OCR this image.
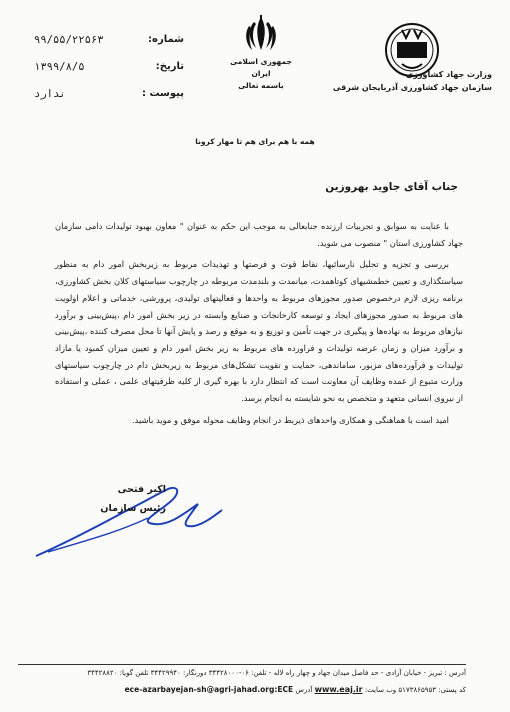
شماره:
۹۹/۵۵/۲۲۵۶۳
تاریخ:
۱۳۹۹/۸/۵
پیوست :
ندارد
جمهوری اسلامی ایران
باسمه تعالی
وزارت جهاد کشاورزی
سازمان جهاد کشاورزی آذربایجان شرقی
همه با هم برای هم تا مهار کرونا
جناب آقای جاوید بهروزین

با عنایت به سوابق و تجربیات ارزنده جنابعالی به موجب این حکم به عنوان " معاون بهبود تولیدات دامی سازمان جهاد کشاورزی استان " منصوب می شوید.

بررسی و تجزیه و تحلیل نارسائیها، نقاط قوت و فرصتها و تهدیدات مربوط به زیربخش امور دام به منظور سیاستگذاری و تعیین خطمشیهای کوتاهمدت، میانمدت و بلندمدت مربوطه در چارچوب سیاستهای کلان بخش کشاورزی، برنامه ریزی لازم درخصوص صدور مجوزهای مربوط به واحدها و فعالیتهای تولیدی، پرورشی، خدماتی و اعلام اولویت های مربوط به صدور مجوزهای ایجاد و توسعه کارخانجات و صنایع وابسته در زیر بخش امور دام ،پیش‌بینی و برآورد نیازهای مربوط به نهاده‌ها و پیگیری در جهت تأمین و توزیع و به موقع و رصد و پایش آنها تا محل مصرف کننده ،پیش‌بینی و برآورد میزان و زمان عرضه تولیدات و فراورده های مربوط به زیر بخش امور دام و تعیین میزان کمبود یا مازاد تولیدات و فرآورده‌های مزبور، ساماندهی، حمایت و تقویت تشکل‌های مربوط به زیربخش دام در چارچوب سیاستهای وزارت متبوع از عمده وظایف آن معاونت است که انتظار دارد با بهره گیری از کلیه ظرفیتهای علمی ، عملی و استفاده از نیروی انسانی متعهد و متخصص به نحو شایسته به انجام برسد.

امید است با هماهنگی و همکاری واحدهای ذیربط در انجام وظایف محوله موفق و موید باشید.

اکبر فتحی
رئیس سازمان
آدرس : تبریز - خیابان آزادی - حد فاصل میدان جهاد و چهار راه لاله - تلفن: ۰۶-۳۴۴۲۸۰۰۰ دورنگار: ۳۴۴۲۹۹۴۰ تلفن گویا: ۳۴۴۲۸۸۲۰
کد پستی: ۵۱۷۳۸۶۵۹۵۳ وب سایت: www.eaj.ir آدرس ece-azarbayejan-sh@agri-jahad.org:ECE
